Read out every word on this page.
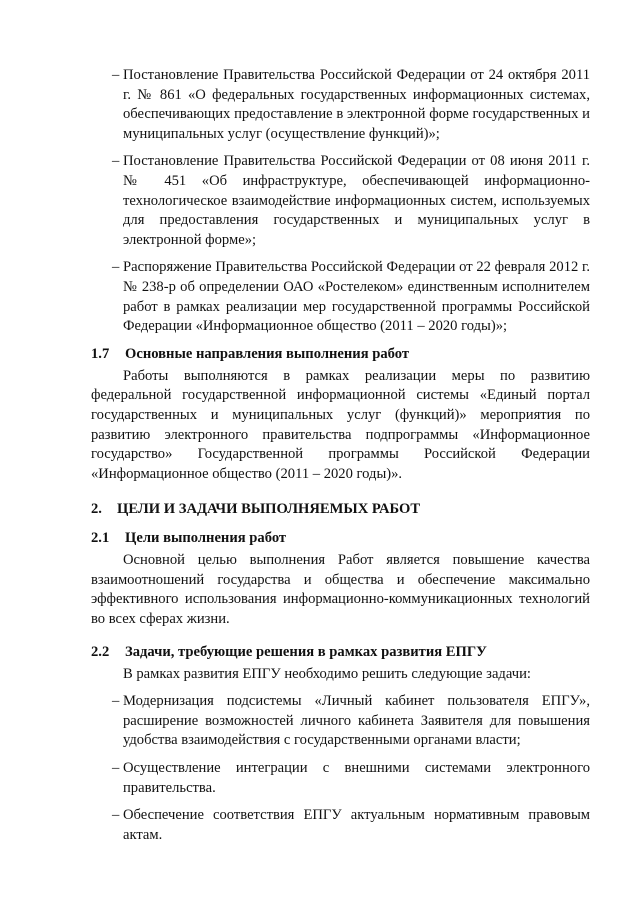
– Постановление Правительства Российской Федерации от 24 октября 2011 г. № 861 «О федеральных государственных информационных системах, обеспечивающих предоставление в электронной форме государственных и муниципальных услуг (осуществление функций)»;
– Постановление Правительства Российской Федерации от 08 июня 2011 г. № 451 «Об инфраструктуре, обеспечивающей информационно-технологическое взаимодействие информационных систем, используемых для предоставления государственных и муниципальных услуг в электронной форме»;
– Распоряжение Правительства Российской Федерации от 22 февраля 2012 г. № 238-р об определении ОАО «Ростелеком» единственным исполнителем работ в рамках реализации мер государственной программы Российской Федерации «Информационное общество (2011 – 2020 годы)»;
1.7 Основные направления выполнения работ

Работы выполняются в рамках реализации меры по развитию федеральной государственной информационной системы «Единый портал государственных и муниципальных услуг (функций)» мероприятия по развитию электронного правительства подпрограммы «Информационное государство» Государственной программы Российской Федерации «Информационное общество (2011 – 2020 годы)».

2. ЦЕЛИ И ЗАДАЧИ ВЫПОЛНЯЕМЫХ РАБОТ
2.1 Цели выполнения работ

Основной целью выполнения Работ является повышение качества взаимоотношений государства и общества и обеспечение максимально эффективного использования информационно-коммуникационных технологий во всех сферах жизни.

2.2 Задачи, требующие решения в рамках развития ЕПГУ

В рамках развития ЕПГУ необходимо решить следующие задачи:

– Модернизация подсистемы «Личный кабинет пользователя ЕПГУ», расширение возможностей личного кабинета Заявителя для повышения удобства взаимодействия с государственными органами власти;
– Осуществление интеграции с внешними системами электронного правительства.
– Обеспечение соответствия ЕПГУ актуальным нормативным правовым актам.
